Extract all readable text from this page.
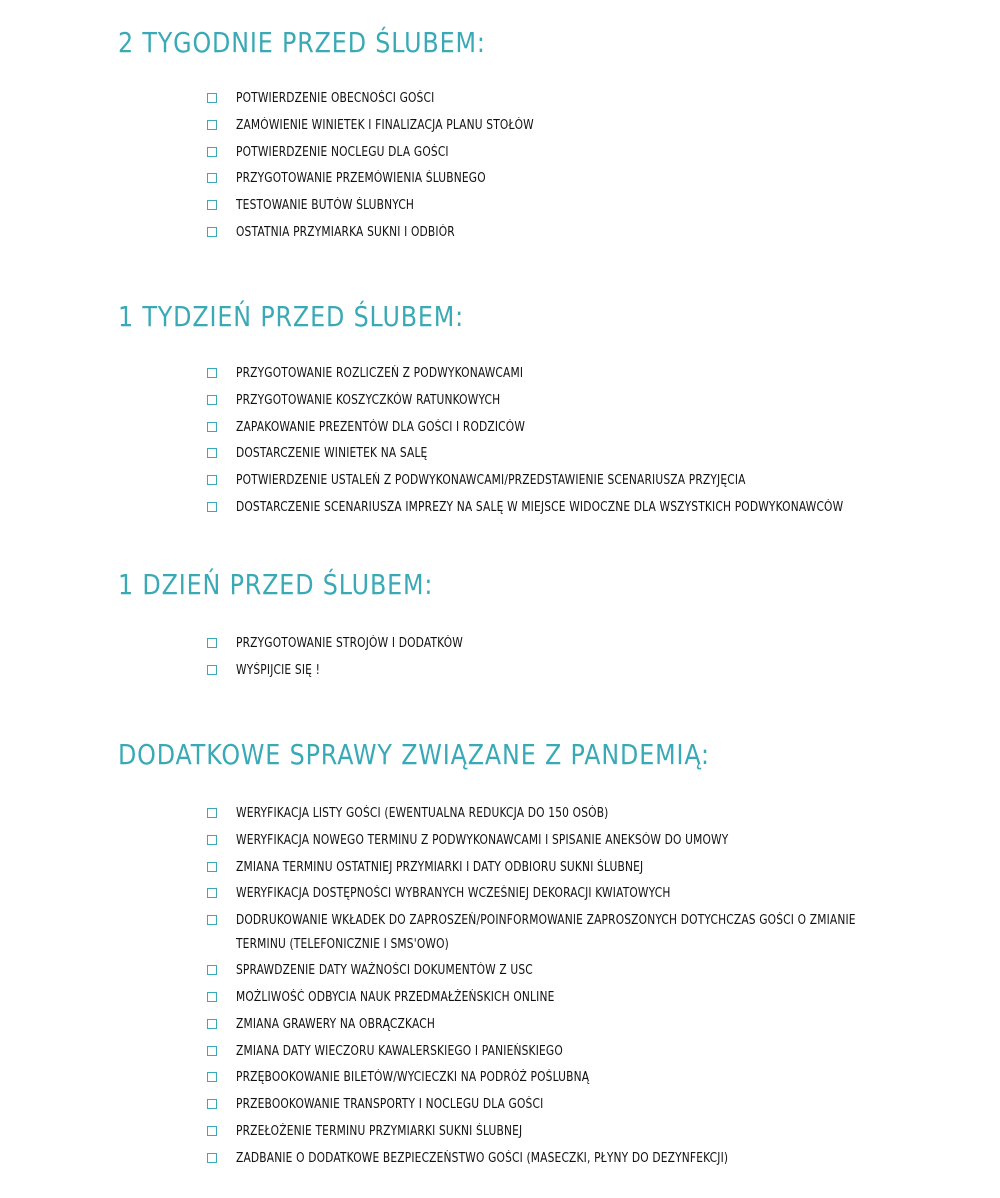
2 TYGODNIE PRZED ŚLUBEM:
POTWIERDZENIE OBECNOŚCI GOŚCI
ZAMÓWIENIE WINIETEK I FINALIZACJA PLANU STOŁÓW
POTWIERDZENIE NOCLEGU DLA GOŚCI
PRZYGOTOWANIE PRZEMÓWIENIA ŚLUBNEGO
TESTOWANIE BUTÓW ŚLUBNYCH
OSTATNIA PRZYMIARKA SUKNI I ODBIÓR
1 TYDZIEŃ PRZED ŚLUBEM:
PRZYGOTOWANIE ROZLICZEŃ Z PODWYKONAWCAMI
PRZYGOTOWANIE KOSZYCZKÓW RATUNKOWYCH
ZAPAKOWANIE PREZENTÓW DLA GOŚCI I RODZICÓW
DOSTARCZENIE WINIETEK NA SALĘ
POTWIERDZENIE USTALEŃ Z PODWYKONAWCAMI/PRZEDSTAWIENIE SCENARIUSZA PRZYJĘCIA
DOSTARCZENIE SCENARIUSZA IMPREZY NA SALĘ W MIEJSCE WIDOCZNE DLA WSZYSTKICH PODWYKONAWCÓW
1 DZIEŃ PRZED ŚLUBEM:
PRZYGOTOWANIE STROJÓW I DODATKÓW
WYŚPIJCIE SIĘ !
DODATKOWE SPRAWY ZWIĄZANE Z PANDEMIĄ:
WERYFIKACJA LISTY GOŚCI (EWENTUALNA REDUKCJA DO 150 OSÓB)
WERYFIKACJA NOWEGO TERMINU Z PODWYKONAWCAMI I SPISANIE ANEKSÓW DO UMOWY
ZMIANA TERMINU OSTATNIEJ PRZYMIARKI I DATY ODBIORU SUKNI ŚLUBNEJ
WERYFIKACJA DOSTĘPNOŚCI WYBRANYCH WCZEŚNIEJ DEKORACJI KWIATOWYCH
DODRUKOWANIE WKŁADEK DO ZAPROSZEŃ/POINFORMOWANIE ZAPROSZONYCH DOTYCHCZAS GOŚCI O ZMIANIE TERMINU (TELEFONICZNIE I SMS'OWO)
SPRAWDZENIE DATY WAŻNOŚCI DOKUMENTÓW Z USC
MOŻLIWOŚĆ ODBYCIA NAUK PRZEDMAŁŻEŃSKICH ONLINE
ZMIANA GRAWERY NA OBRĄCZKACH
ZMIANA DATY WIECZORU KAWALERSKIEGO I PANIEŃSKIEGO
PRZĘBOOKOWANIE BILETÓW/WYCIECZKI NA PODRÓŻ POŚLUBNĄ
PRZEBOOKOWANIE TRANSPORTY I NOCLEGU DLA GOŚCI
PRZEŁOŻENIE TERMINU PRZYMIARKI SUKNI ŚLUBNEJ
ZADBANIE O DODATKOWE BEZPIECZEŃSTWO GOŚCI (MASECZKI, PŁYNY DO DEZYNFEKCJI)
